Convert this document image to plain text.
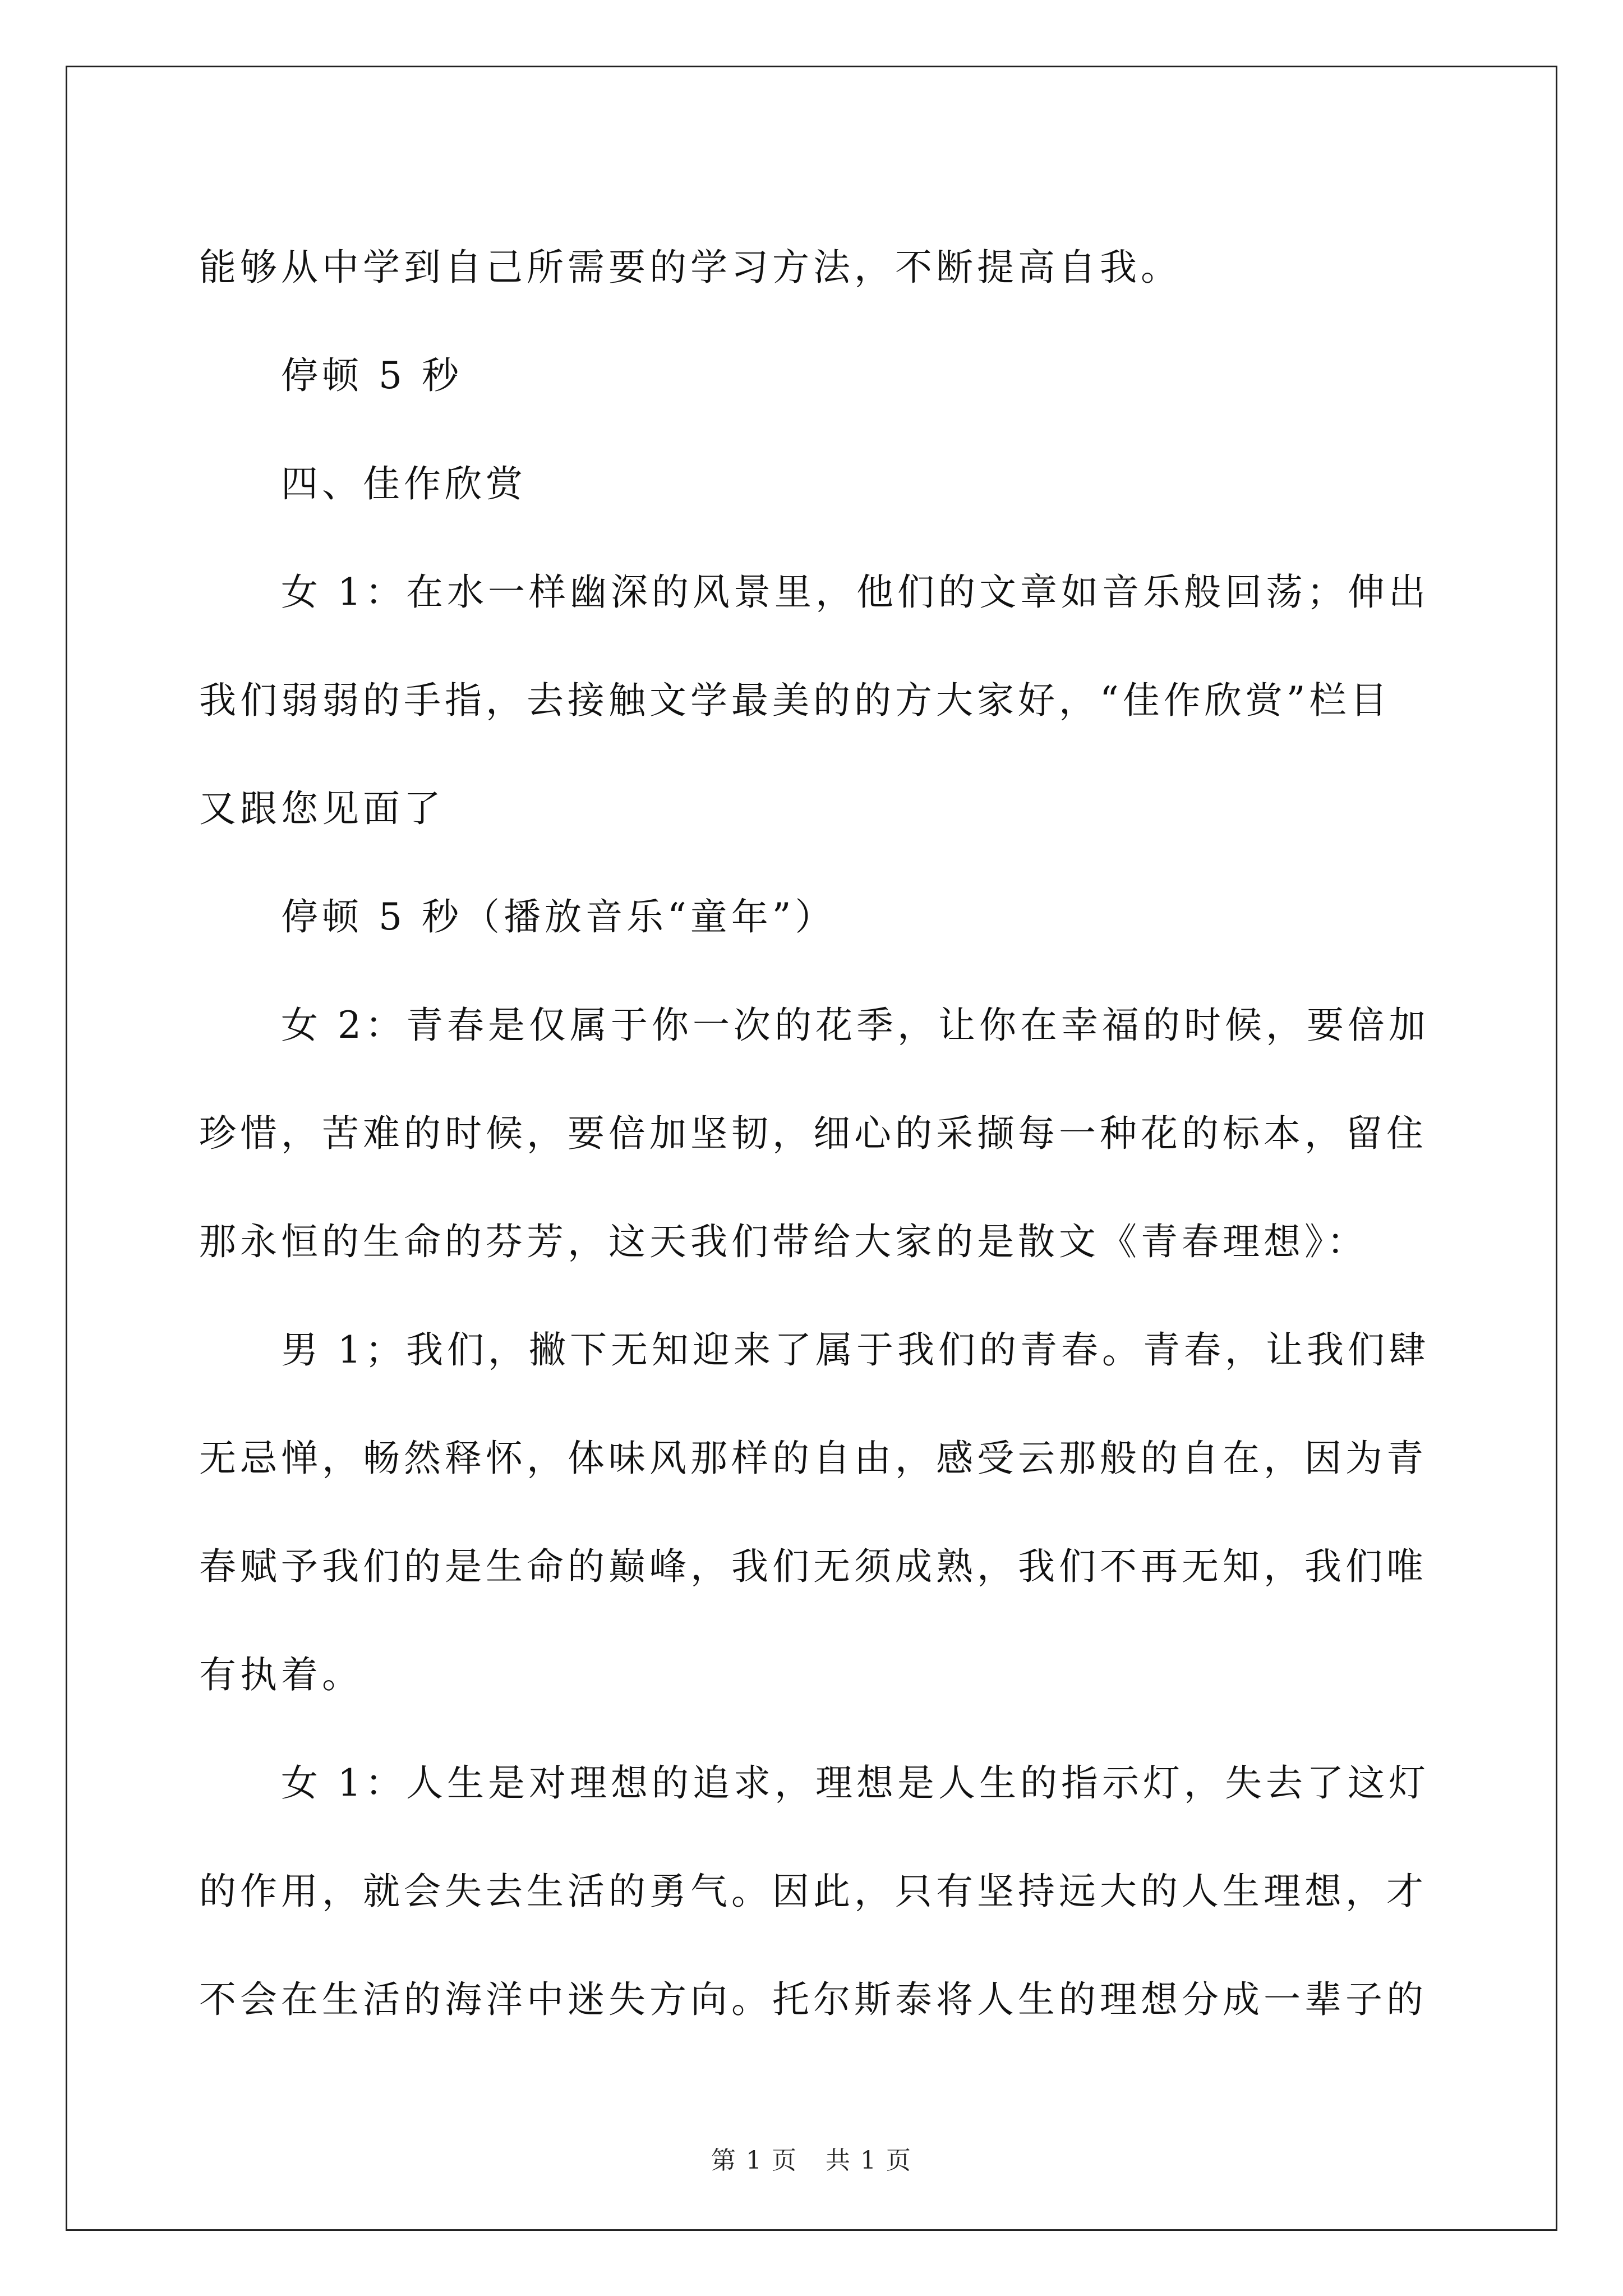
能够从中学到自己所需要的学习方法，不断提高自我。

停顿 5 秒

四、佳作欣赏

女 1：在水一样幽深的风景里，他们的文章如音乐般回荡；伸出

我们弱弱的手指，去接触文学最美的的方大家好，“佳作欣赏”栏目

又跟您见面了

停顿 5 秒（播放音乐“童年”）

女 2：青春是仅属于你一次的花季，让你在幸福的时候，要倍加

珍惜，苦难的时候，要倍加坚韧，细心的采撷每一种花的标本，留住

那永恒的生命的芬芳，这天我们带给大家的是散文《青春理想》：

男 1；我们，撇下无知迎来了属于我们的青春。青春，让我们肆

无忌惮，畅然释怀，体味风那样的自由，感受云那般的自在，因为青

春赋予我们的是生命的巅峰，我们无须成熟，我们不再无知，我们唯

有执着。

女 1：人生是对理想的追求，理想是人生的指示灯，失去了这灯

的作用，就会失去生活的勇气。因此，只有坚持远大的人生理想，才

不会在生活的海洋中迷失方向。托尔斯泰将人生的理想分成一辈子的

第 1 页 共 1 页
